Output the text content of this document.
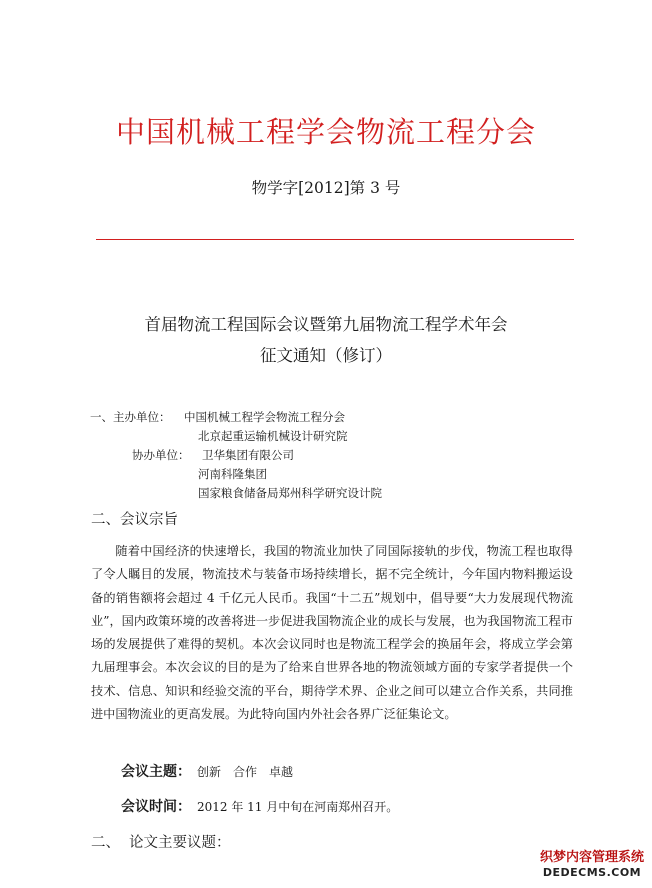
中国机械工程学会物流工程分会
物学字[2012]第 3 号
首届物流工程国际会议暨第九届物流工程学术年会
征文通知（修订）
一、主办单位： 中国机械工程学会物流工程分会
北京起重运输机械设计研究院
协办单位： 卫华集团有限公司
河南科隆集团
国家粮食储备局郑州科学研究设计院
二、会议宗旨
随着中国经济的快速增长，我国的物流业加快了同国际接轨的步伐，物流工程也取得了令人瞩目的发展，物流技术与装备市场持续增长，据不完全统计，今年国内物料搬运设备的销售额将会超过 4 千亿元人民币。我国“十二五”规划中，倡导要“大力发展现代物流业”，国内政策环境的改善将进一步促进我国物流企业的成长与发展，也为我国物流工程市场的发展提供了难得的契机。本次会议同时也是物流工程学会的换届年会，将成立学会第九届理事会。本次会议的目的是为了给来自世界各地的物流领域方面的专家学者提供一个技术、信息、知识和经验交流的平台，期待学术界、企业之间可以建立合作关系，共同推进中国物流业的更高发展。为此特向国内外社会各界广泛征集论文。
会议主题： 创新　合作　卓越
会议时间： 2012 年 11 月中旬在河南郑州召开。
二、 论文主要议题：
织梦内容管理系统
DEDECMS.COM
